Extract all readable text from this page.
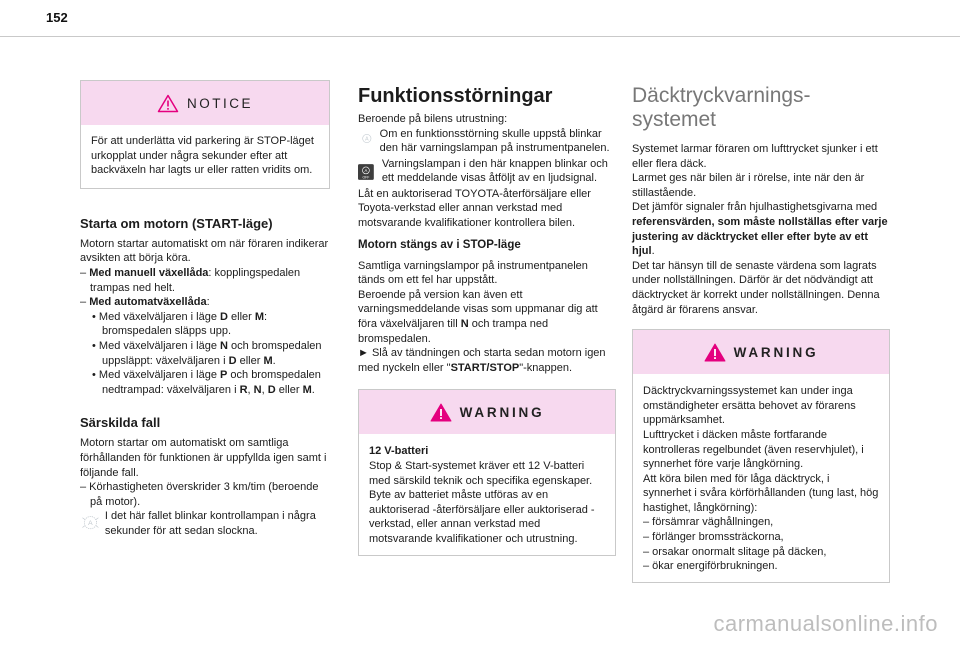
152
NOTICE

För att underlätta vid parkering är STOP-läget urkopplat under några sekunder efter att backväxeln har lagts ur eller ratten vridits om.

Starta om motorn (START-läge)

Motorn startar automatiskt om när föraren indikerar avsikten att börja köra.

– Med manuell växellåda: kopplingspedalen trampas ned helt.

– Med automatväxellåda:

• Med växelväljaren i läge D eller M: bromspedalen släpps upp.

• Med växelväljaren i läge N och bromspedalen uppsläppt: växelväljaren i D eller M.

• Med växelväljaren i läge P och bromspedalen nedtrampad: växelväljaren i R, N, D eller M.

Särskilda fall

Motorn startar om automatiskt om samtliga förhållanden för funktionen är uppfyllda igen samt i följande fall.

– Körhastigheten överskrider 3 km/tim (beroende på motor).

A
I det här fallet blinkar kontrollampan i några sekunder för att sedan slockna.
Funktionsstörningar

Beroende på bilens utrustning:

A Om en funktionsstörning skulle uppstå blinkar den här varningslampan på instrumentpanelen.
A
OFF
Varningslampan i den här knappen blinkar och ett meddelande visas åtföljt av en ljudsignal.

Låt en auktoriserad TOYOTA-återförsäljare eller Toyota-verkstad eller annan verkstad med motsvarande kvalifikationer kontrollera bilen.

Motorn stängs av i STOP-läge

Samtliga varningslampor på instrumentpanelen tänds om ett fel har uppstått.

Beroende på version kan även ett varningsmeddelande visas som uppmanar dig att föra växelväljaren till N och trampa ned bromspedalen.

► Slå av tändningen och starta sedan motorn igen med nyckeln eller "START/STOP"-knappen.

WARNING

12 V-batteri

Stop & Start-systemet kräver ett 12 V-batteri med särskild teknik och specifika egenskaper. Byte av batteriet måste utföras av en auktoriserad -återförsäljare eller auktoriserad -verkstad, eller annan verkstad med motsvarande kvalifikationer och utrustning.

Däcktryckvarnings-
systemet

Systemet larmar föraren om lufttrycket sjunker i ett eller flera däck.

Larmet ges när bilen är i rörelse, inte när den är stillastående.

Det jämför signaler från hjulhastighetsgivarna med referensvärden, som måste nollställas efter varje justering av däcktrycket eller efter byte av ett hjul.

Det tar hänsyn till de senaste värdena som lagrats under nollställningen. Därför är det nödvändigt att däcktrycket är korrekt under nollställningen. Denna åtgärd är förarens ansvar.

WARNING

Däcktryckvarningssystemet kan under inga omständigheter ersätta behovet av förarens uppmärksamhet.

Lufttrycket i däcken måste fortfarande kontrolleras regelbundet (även reservhjulet), i synnerhet före varje långkörning.

Att köra bilen med för låga däcktryck, i synnerhet i svåra körförhållanden (tung last, hög hastighet, långkörning):

– försämrar väghållningen,

– förlänger bromssträckorna,

– orsakar onormalt slitage på däcken,

– ökar energiförbrukningen.

carmanualsonline.info
